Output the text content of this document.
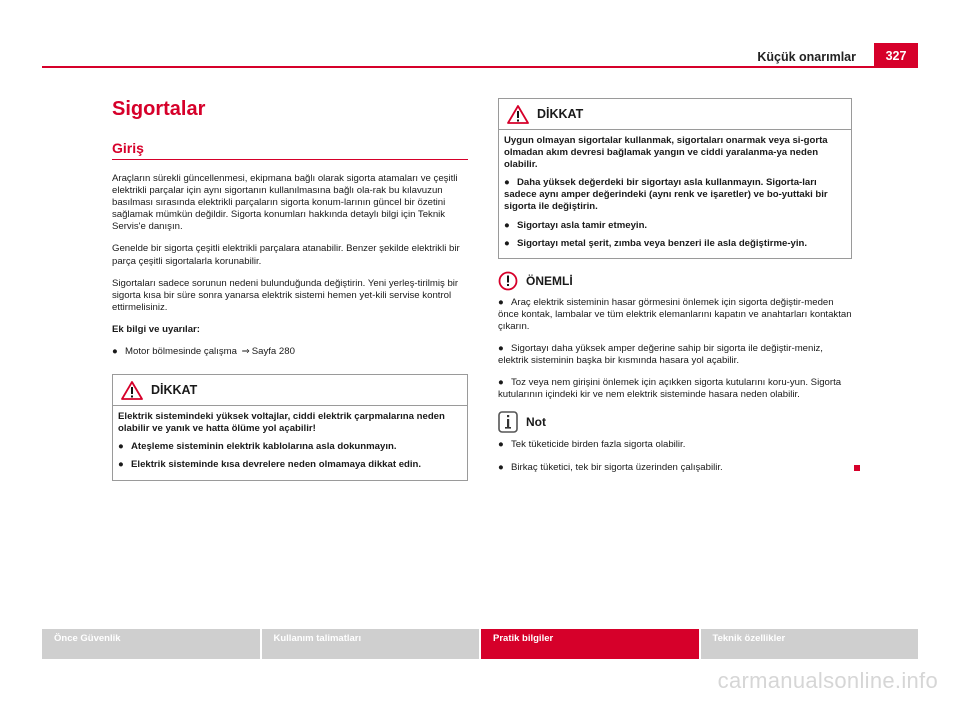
Küçük onarımlar	327
Sigortalar
Giriş

Araçların sürekli güncellenmesi, ekipmana bağlı olarak sigorta atamaları ve çeşitli elektrikli parçalar için aynı sigortanın kullanılmasına bağlı ola-rak bu kılavuzun basılması sırasında elektrikli parçaların sigorta konum-larının güncel bir özetini sağlamak mümkün değildir. Sigorta konumları hakkında detaylı bilgi için Teknik Servis'e danışın.

Genelde bir sigorta çeşitli elektrikli parçalara atanabilir. Benzer şekilde elektrikli bir parça çeşitli sigortalarla korunabilir.

Sigortaları sadece sorunun nedeni bulunduğunda değiştirin. Yeni yerleş-tirilmiş bir sigorta kısa bir süre sonra yanarsa elektrik sistemi hemen yet-kili servise kontrol ettirmelisiniz.

Ek bilgi ve uyarılar:

● Motor bölmesinde çalışma ⇒ Sayfa 280

DİKKAT

Elektrik sistemindeki yüksek voltajlar, ciddi elektrik çarpmalarına neden olabilir ve yanık ve hatta ölüme yol açabilir!

● Ateşleme sisteminin elektrik kablolarına asla dokunmayın.

● Elektrik sisteminde kısa devrelere neden olmamaya dikkat edin.

DİKKAT

Uygun olmayan sigortalar kullanmak, sigortaları onarmak veya si-gorta olmadan akım devresi bağlamak yangın ve ciddi yaralanma-ya neden olabilir.

● Daha yüksek değerdeki bir sigortayı asla kullanmayın. Sigorta-ları sadece aynı amper değerindeki (aynı renk ve işaretler) ve bo-yuttaki bir sigorta ile değiştirin.

● Sigortayı asla tamir etmeyin.

● Sigortayı metal şerit, zımba veya benzeri ile asla değiştirme-yin.

ÖNEMLİ

● Araç elektrik sisteminin hasar görmesini önlemek için sigorta değiştir-meden önce kontak, lambalar ve tüm elektrik elemanlarını kapatın ve anahtarları kontaktan çıkarın.

● Sigortayı daha yüksek amper değerine sahip bir sigorta ile değiştir-meniz, elektrik sisteminin başka bir kısmında hasara yol açabilir.

● Toz veya nem girişini önlemek için açıkken sigorta kutularını koru-yun. Sigorta kutularının içindeki kir ve nem elektrik sisteminde hasara neden olabilir.

Not

● Tek tüketicide birden fazla sigorta olabilir.

● Birkaç tüketici, tek bir sigorta üzerinden çalışabilir.

Önce Güvenlik	Kullanım talimatları	Pratik bilgiler	Teknik özellikler
carmanualsonline.info
